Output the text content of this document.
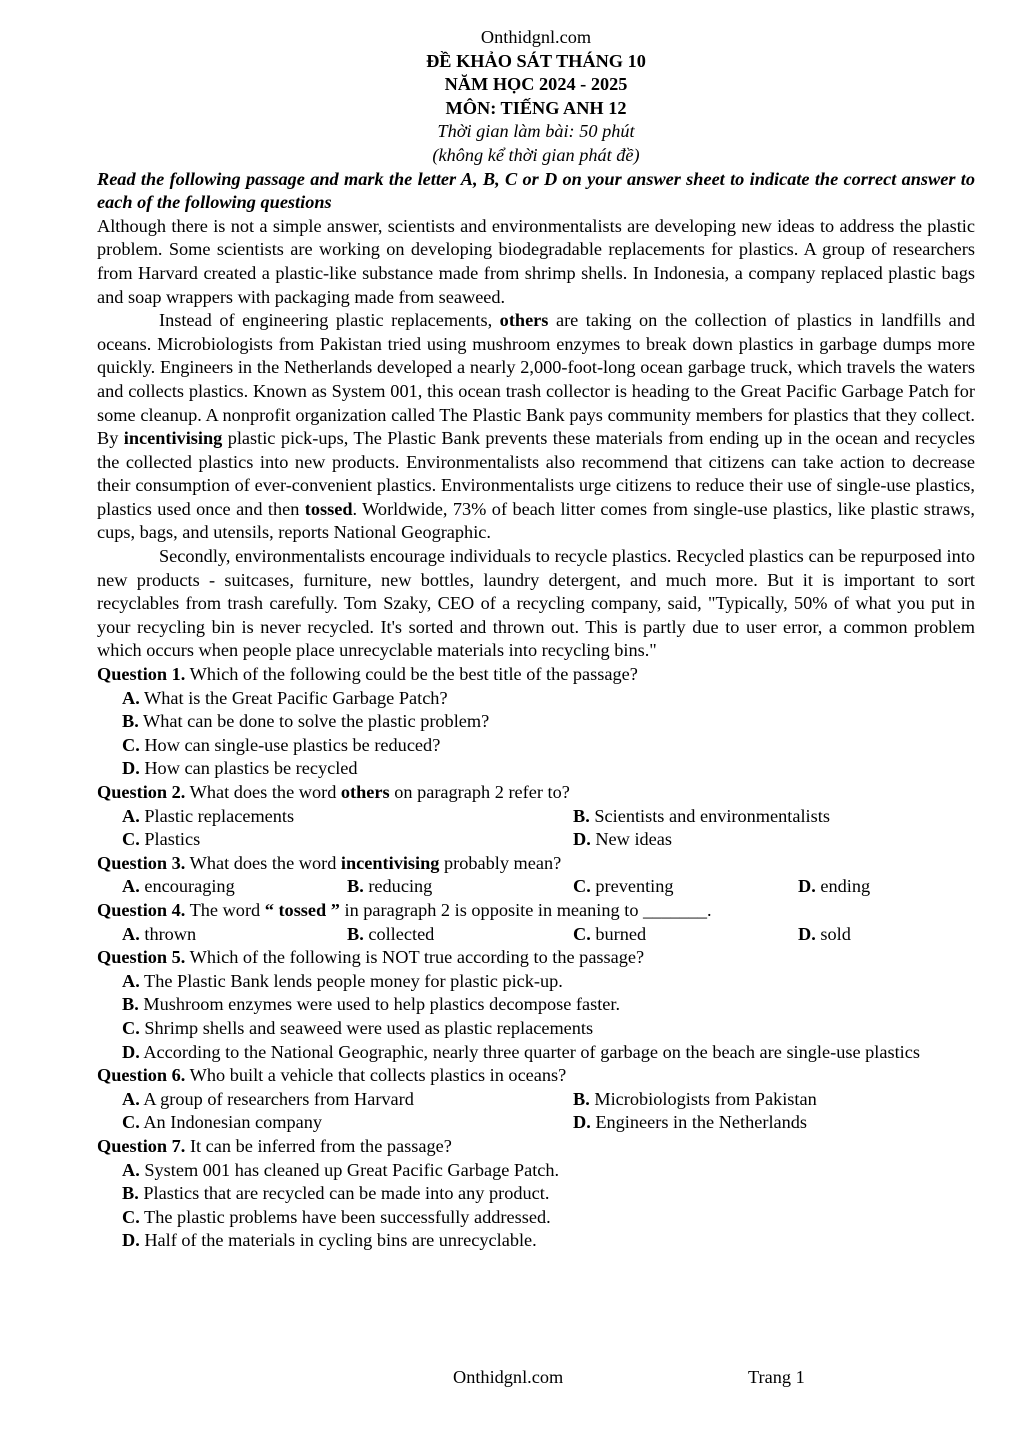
Onthidgnl.com
ĐỀ KHẢO SÁT THÁNG 10
NĂM HỌC 2024 - 2025
MÔN: TIẾNG ANH 12
Thời gian làm bài: 50 phút
(không kể thời gian phát đề)
Read the following passage and mark the letter A, B, C or D on your answer sheet to indicate the correct answer to each of the following questions

Although there is not a simple answer, scientists and environmentalists are developing new ideas to address the plastic problem. Some scientists are working on developing biodegradable replacements for plastics. A group of researchers from Harvard created a plastic-like substance made from shrimp shells. In Indonesia, a company replaced plastic bags and soap wrappers with packaging made from seaweed.

Instead of engineering plastic replacements, others are taking on the collection of plastics in landfills and oceans. Microbiologists from Pakistan tried using mushroom enzymes to break down plastics in garbage dumps more quickly. Engineers in the Netherlands developed a nearly 2,000-foot-long ocean garbage truck, which travels the waters and collects plastics. Known as System 001, this ocean trash collector is heading to the Great Pacific Garbage Patch for some cleanup. A nonprofit organization called The Plastic Bank pays community members for plastics that they collect. By incentivising plastic pick-ups, The Plastic Bank prevents these materials from ending up in the ocean and recycles the collected plastics into new products. Environmentalists also recommend that citizens can take action to decrease their consumption of ever-convenient plastics. Environmentalists urge citizens to reduce their use of single-use plastics, plastics used once and then tossed. Worldwide, 73% of beach litter comes from single-use plastics, like plastic straws, cups, bags, and utensils, reports National Geographic.

Secondly, environmentalists encourage individuals to recycle plastics. Recycled plastics can be repurposed into new products - suitcases, furniture, new bottles, laundry detergent, and much more. But it is important to sort recyclables from trash carefully. Tom Szaky, CEO of a recycling company, said, "Typically, 50% of what you put in your recycling bin is never recycled. It's sorted and thrown out. This is partly due to user error, a common problem which occurs when people place unrecyclable materials into recycling bins."

Question 1. Which of the following could be the best title of the passage?
A. What is the Great Pacific Garbage Patch?
B. What can be done to solve the plastic problem?
C. How can single-use plastics be reduced?
D. How can plastics be recycled
Question 2. What does the word others on paragraph 2 refer to?
A. Plastic replacements	B. Scientists and environmentalists
C. Plastics	D. New ideas
Question 3. What does the word incentivising probably mean?
A. encouraging	B. reducing	C. preventing	D. ending
Question 4. The word “ tossed ” in paragraph 2 is opposite in meaning to _______.
A. thrown	B. collected	C. burned	D. sold
Question 5. Which of the following is NOT true according to the passage?
A. The Plastic Bank lends people money for plastic pick-up.
B. Mushroom enzymes were used to help plastics decompose faster.
C. Shrimp shells and seaweed were used as plastic replacements
D. According to the National Geographic, nearly three quarter of garbage on the beach are single-use plastics
Question 6. Who built a vehicle that collects plastics in oceans?
A. A group of researchers from Harvard	B. Microbiologists from Pakistan
C. An Indonesian company	D. Engineers in the Netherlands
Question 7. It can be inferred from the passage?
A. System 001 has cleaned up Great Pacific Garbage Patch.
B. Plastics that are recycled can be made into any product.
C. The plastic problems have been successfully addressed.
D. Half of the materials in cycling bins are unrecyclable.
Onthidgnl.com	Trang 1
